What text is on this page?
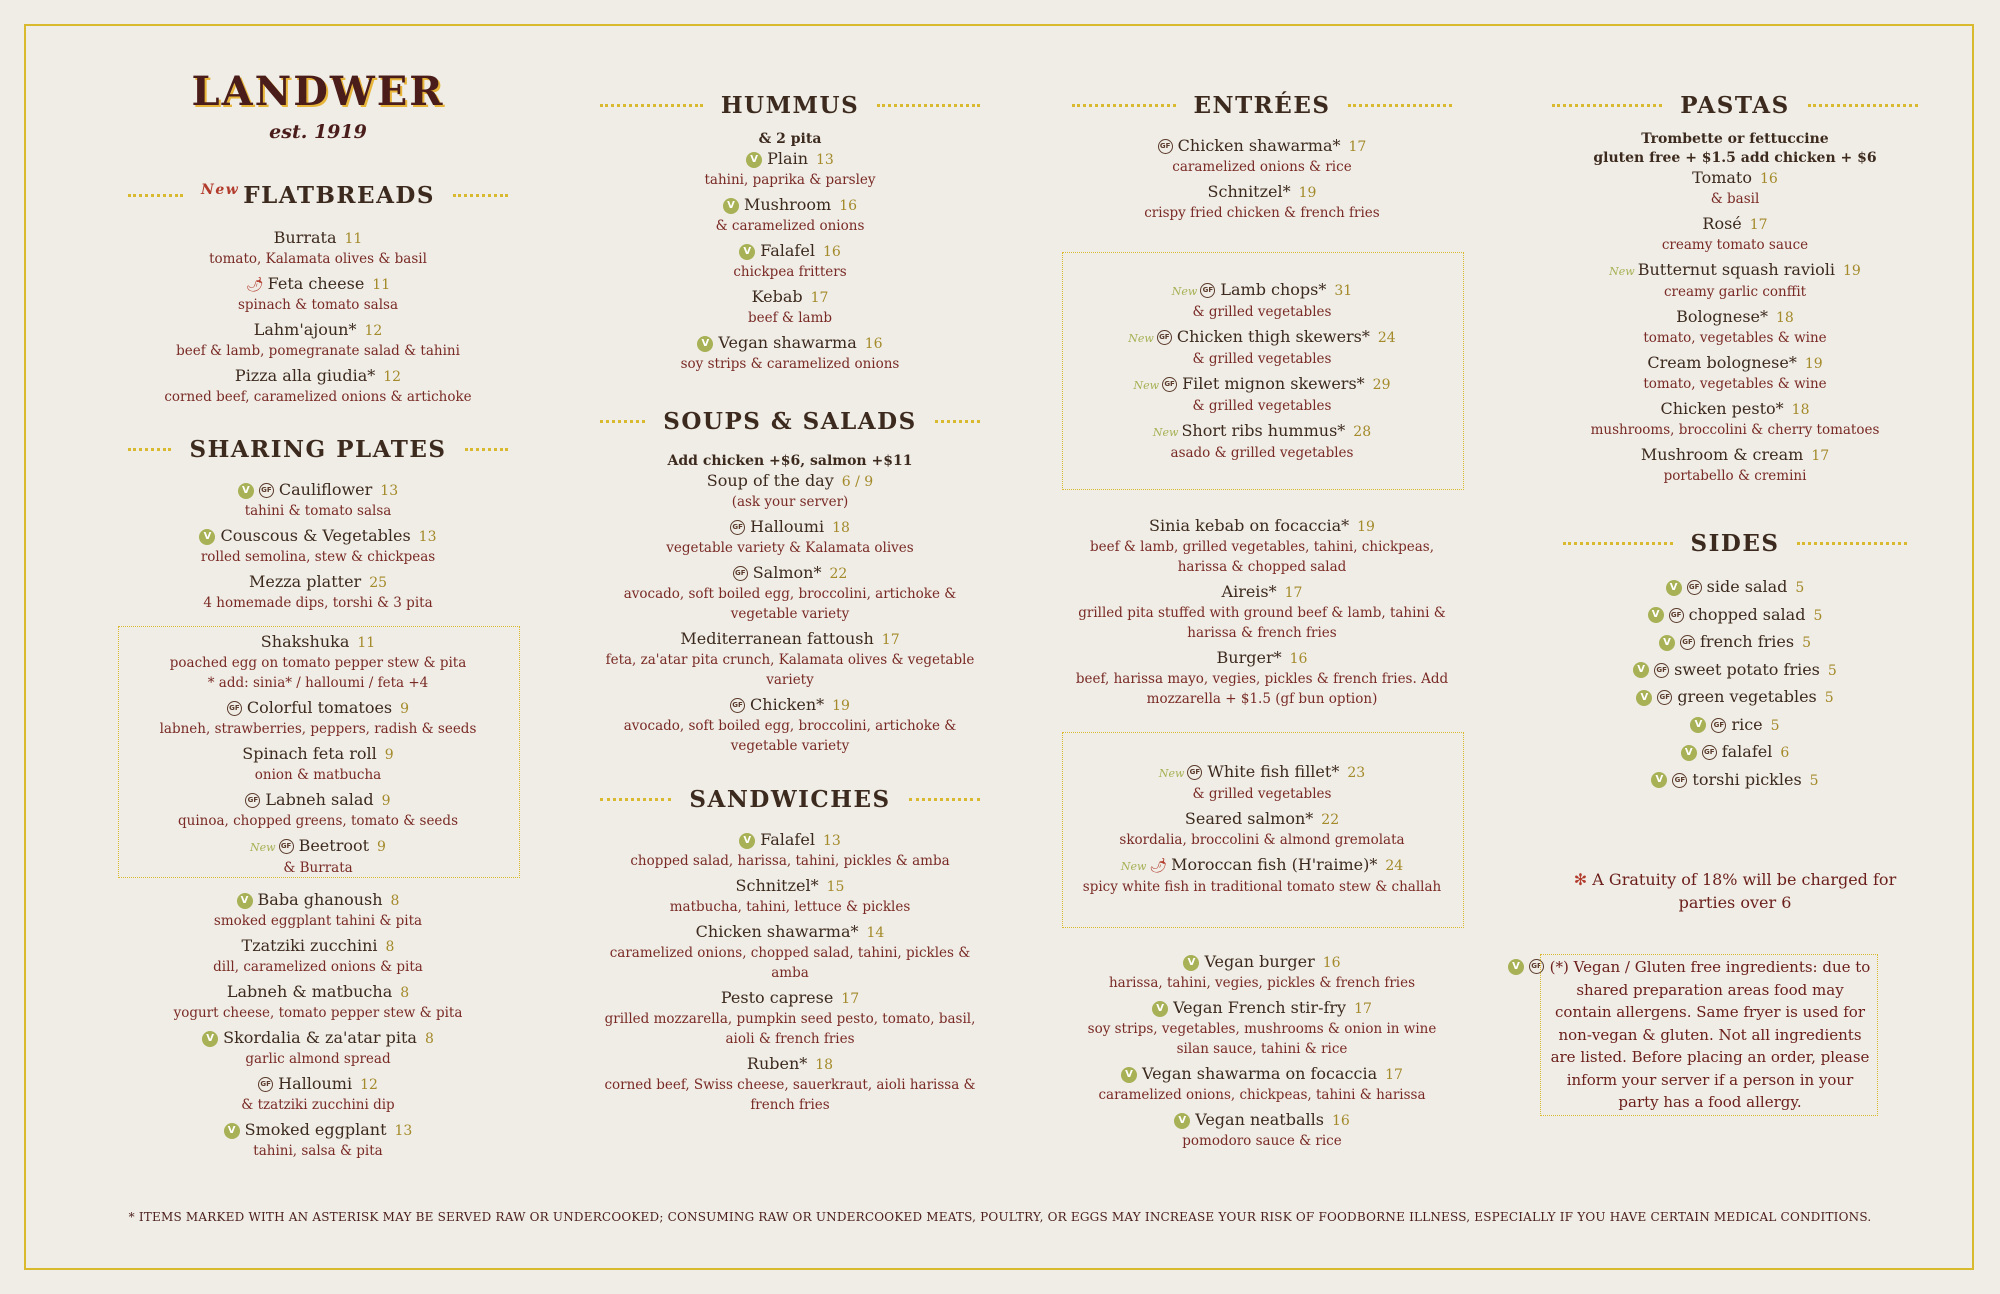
LANDWER
est. 1919
$^{New}$ FLATBREADS
Burrata 11
tomato, Kalamata olives & basil
🌶 Feta cheese 11
spinach & tomato salsa
Lahm'ajoun* 12
beef & lamb, pomegranate salad & tahini
Pizza alla giudia* 12
corned beef, caramelized onions & artichoke
SHARING PLATES
V GF Cauliflower 13
tahini & tomato salsa
V Couscous & Vegetables 13
rolled semolina, stew & chickpeas
Mezza platter 25
4 homemade dips, torshi & 3 pita
Shakshuka 11
poached egg on tomato pepper stew & pita
* add: sinia* / halloumi / feta +4
GF Colorful tomatoes 9
labneh, strawberries, peppers, radish & seeds
Spinach feta roll 9
onion & matbucha
GF Labneh salad 9
quinoa, chopped greens, tomato & seeds
New GF Beetroot 9
& Burrata
V Baba ghanoush 8
smoked eggplant tahini & pita
Tzatziki zucchini 8
dill, caramelized onions & pita
Labneh & matbucha 8
yogurt cheese, tomato pepper stew & pita
V Skordalia & za'atar pita 8
garlic almond spread
GF Halloumi 12
& tzatziki zucchini dip
V Smoked eggplant 13
tahini, salsa & pita
HUMMUS
& 2 pita
V Plain 13
tahini, paprika & parsley
V Mushroom 16
& caramelized onions
V Falafel 16
chickpea fritters
Kebab 17
beef & lamb
V Vegan shawarma 16
soy strips & caramelized onions
SOUPS & SALADS
Add chicken +$6, salmon +$11
Soup of the day 6 / 9
(ask your server)
GF Halloumi 18
vegetable variety & Kalamata olives
GF Salmon* 22
avocado, soft boiled egg, broccolini, artichoke &
vegetable variety
Mediterranean fattoush 17
feta, za'atar pita crunch, Kalamata olives & vegetable
variety
GF Chicken* 19
avocado, soft boiled egg, broccolini, artichoke &
vegetable variety
SANDWICHES
V Falafel 13
chopped salad, harissa, tahini, pickles & amba
Schnitzel* 15
matbucha, tahini, lettuce & pickles
Chicken shawarma* 14
caramelized onions, chopped salad, tahini, pickles &
amba
Pesto caprese 17
grilled mozzarella, pumpkin seed pesto, tomato, basil,
aioli & french fries
Ruben* 18
corned beef, Swiss cheese, sauerkraut, aioli harissa &
french fries
ENTRÉES
GF Chicken shawarma* 17
caramelized onions & rice
Schnitzel* 19
crispy fried chicken & french fries
New GF Lamb chops* 31
& grilled vegetables
New GF Chicken thigh skewers* 24
& grilled vegetables
New GF Filet mignon skewers* 29
& grilled vegetables
New Short ribs hummus* 28
asado & grilled vegetables
Sinia kebab on focaccia* 19
beef & lamb, grilled vegetables, tahini, chickpeas,
harissa & chopped salad
Aireis* 17
grilled pita stuffed with ground beef & lamb, tahini &
harissa & french fries
Burger* 16
beef, harissa mayo, vegies, pickles & french fries. Add
mozzarella + $1.5 (gf bun option)
New GF White fish fillet* 23
& grilled vegetables
Seared salmon* 22
skordalia, broccolini & almond gremolata
New 🌶 Moroccan fish (H'raime)* 24
spicy white fish in traditional tomato stew & challah
V Vegan burger 16
harissa, tahini, vegies, pickles & french fries
V Vegan French stir-fry 17
soy strips, vegetables, mushrooms & onion in wine
silan sauce, tahini & rice
V Vegan shawarma on focaccia 17
caramelized onions, chickpeas, tahini & harissa
V Vegan neatballs 16
pomodoro sauce & rice
PASTAS
Trombette or fettuccine
gluten free + $1.5 add chicken + $6
Tomato 16
& basil
Rosé 17
creamy tomato sauce
New Butternut squash ravioli 19
creamy garlic conffit
Bolognese* 18
tomato, vegetables & wine
Cream bolognese* 19
tomato, vegetables & wine
Chicken pesto* 18
mushrooms, broccolini & cherry tomatoes
Mushroom & cream 17
portabello & cremini
SIDES
V GF side salad 5
V GF chopped salad 5
V GF french fries 5
V GF sweet potato fries 5
V GF green vegetables 5
V GF rice 5
V GF falafel 6
V GF torshi pickles 5
✻ A Gratuity of 18% will be charged for parties over 6
V GF (*) Vegan / Gluten free ingredients: due to shared preparation areas food may contain allergens. Same fryer is used for non-vegan & gluten. Not all ingredients are listed. Before placing an order, please inform your server if a person in your party has a food allergy.
* ITEMS MARKED WITH AN ASTERISK MAY BE SERVED RAW OR UNDERCOOKED; CONSUMING RAW OR UNDERCOOKED MEATS, POULTRY, OR EGGS MAY INCREASE YOUR RISK OF FOODBORNE ILLNESS, ESPECIALLY IF YOU HAVE CERTAIN MEDICAL CONDITIONS.
